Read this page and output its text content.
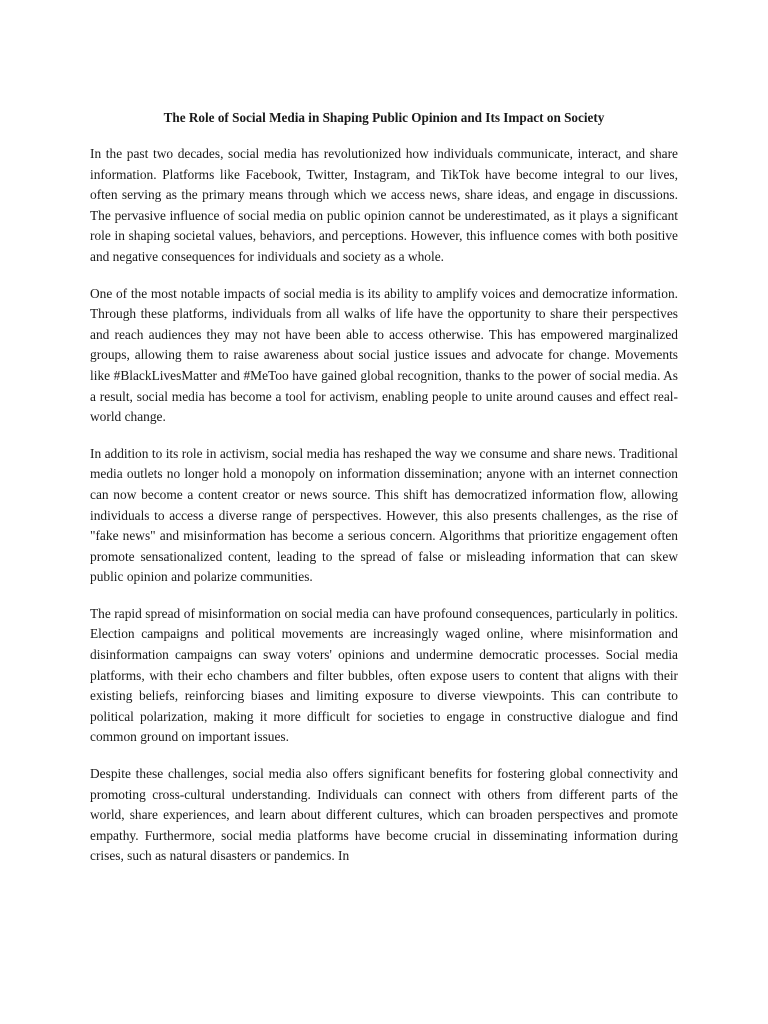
The Role of Social Media in Shaping Public Opinion and Its Impact on Society

In the past two decades, social media has revolutionized how individuals communicate, interact, and share information. Platforms like Facebook, Twitter, Instagram, and TikTok have become integral to our lives, often serving as the primary means through which we access news, share ideas, and engage in discussions. The pervasive influence of social media on public opinion cannot be underestimated, as it plays a significant role in shaping societal values, behaviors, and perceptions. However, this influence comes with both positive and negative consequences for individuals and society as a whole.

One of the most notable impacts of social media is its ability to amplify voices and democratize information. Through these platforms, individuals from all walks of life have the opportunity to share their perspectives and reach audiences they may not have been able to access otherwise. This has empowered marginalized groups, allowing them to raise awareness about social justice issues and advocate for change. Movements like #BlackLivesMatter and #MeToo have gained global recognition, thanks to the power of social media. As a result, social media has become a tool for activism, enabling people to unite around causes and effect real-world change.

In addition to its role in activism, social media has reshaped the way we consume and share news. Traditional media outlets no longer hold a monopoly on information dissemination; anyone with an internet connection can now become a content creator or news source. This shift has democratized information flow, allowing individuals to access a diverse range of perspectives. However, this also presents challenges, as the rise of "fake news" and misinformation has become a serious concern. Algorithms that prioritize engagement often promote sensationalized content, leading to the spread of false or misleading information that can skew public opinion and polarize communities.

The rapid spread of misinformation on social media can have profound consequences, particularly in politics. Election campaigns and political movements are increasingly waged online, where misinformation and disinformation campaigns can sway voters' opinions and undermine democratic processes. Social media platforms, with their echo chambers and filter bubbles, often expose users to content that aligns with their existing beliefs, reinforcing biases and limiting exposure to diverse viewpoints. This can contribute to political polarization, making it more difficult for societies to engage in constructive dialogue and find common ground on important issues.

Despite these challenges, social media also offers significant benefits for fostering global connectivity and promoting cross-cultural understanding. Individuals can connect with others from different parts of the world, share experiences, and learn about different cultures, which can broaden perspectives and promote empathy. Furthermore, social media platforms have become crucial in disseminating information during crises, such as natural disasters or pandemics. In
